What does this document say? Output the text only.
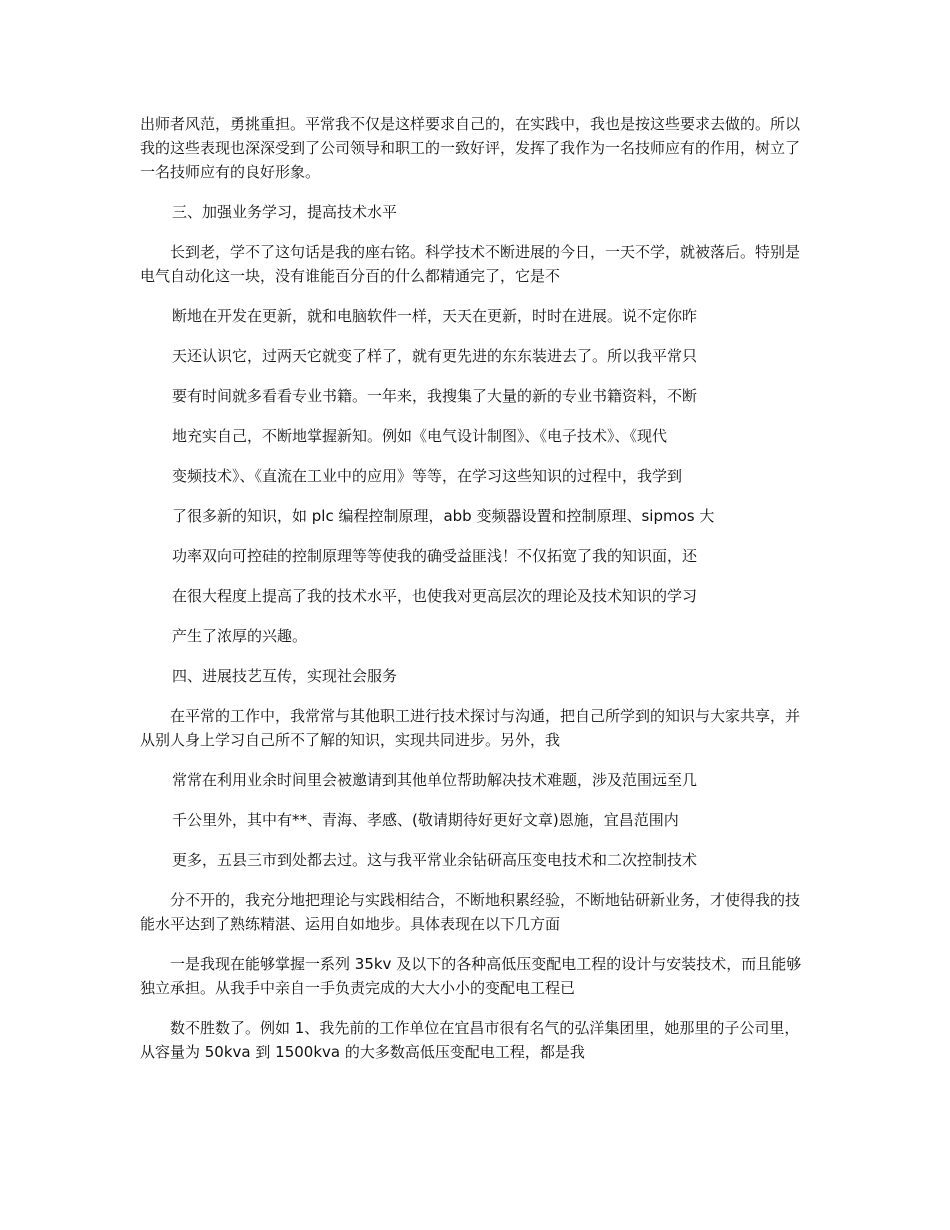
出师者风范，勇挑重担。平常我不仅是这样要求自己的，在实践中，我也是按这些要求去做的。所以我的这些表现也深深受到了公司领导和职工的一致好评，发挥了我作为一名技师应有的作用，树立了一名技师应有的良好形象。

三、加强业务学习，提高技术水平

长到老，学不了这句话是我的座右铭。科学技术不断进展的今日，一天不学，就被落后。特别是电气自动化这一块，没有谁能百分百的什么都精通完了，它是不

断地在开发在更新，就和电脑软件一样，天天在更新，时时在进展。说不定你昨
天还认识它，过两天它就变了样了，就有更先进的东东装进去了。所以我平常只
要有时间就多看看专业书籍。一年来，我搜集了大量的新的专业书籍资料，不断
地充实自己，不断地掌握新知。例如《电气设计制图》、《电子技术》、《现代
变频技术》、《直流在工业中的应用》等等，在学习这些知识的过程中，我学到
了很多新的知识，如 plc 编程控制原理，abb 变频器设置和控制原理、sipmos 大
功率双向可控硅的控制原理等等使我的确受益匪浅！不仅拓宽了我的知识面，还
在很大程度上提高了我的技术水平，也使我对更高层次的理论及技术知识的学习
产生了浓厚的兴趣。

四、进展技艺互传，实现社会服务

在平常的工作中，我常常与其他职工进行技术探讨与沟通，把自己所学到的知识与大家共享，并从别人身上学习自己所不了解的知识，实现共同进步。另外，我

常常在利用业余时间里会被邀请到其他单位帮助解决技术难题，涉及范围远至几
千公里外，其中有**、青海、孝感、(敬请期待好更好文章)恩施，宜昌范围内
更多，五县三市到处都去过。这与我平常业余钻研高压变电技术和二次控制技术

分不开的，我充分地把理论与实践相结合，不断地积累经验，不断地钻研新业务，才使得我的技能水平达到了熟练精湛、运用自如地步。具体表现在以下几方面

一是我现在能够掌握一系列 35kv 及以下的各种高低压变配电工程的设计与安装技术，而且能够独立承担。从我手中亲自一手负责完成的大大小小的变配电工程已

数不胜数了。例如 1、我先前的工作单位在宜昌市很有名气的弘洋集团里，她那里的子公司里，从容量为 50kva 到 1500kva 的大多数高低压变配电工程，都是我
